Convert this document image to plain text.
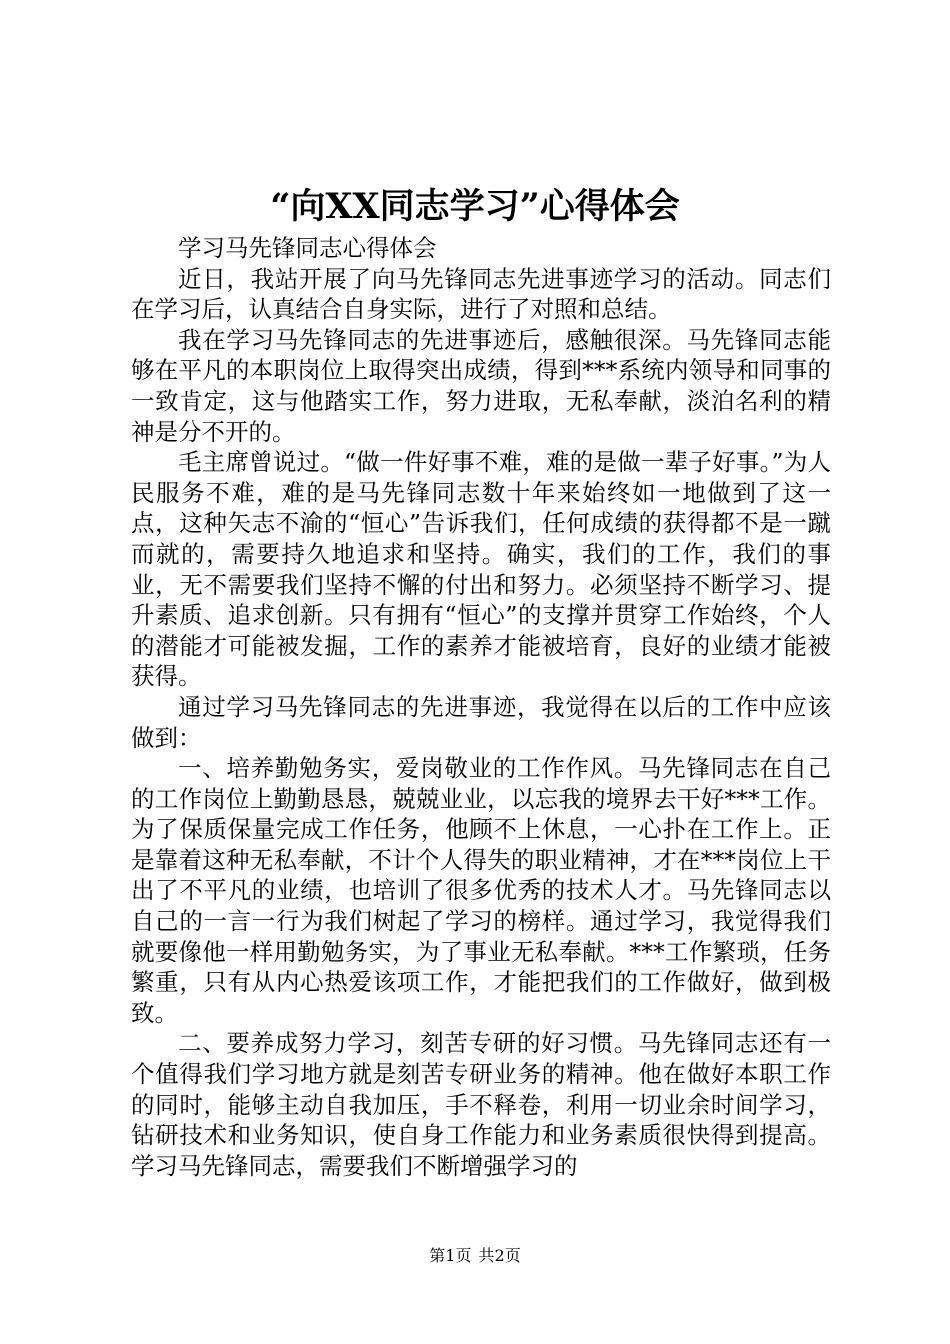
“向XX同志学习”心得体会

学习马先锋同志心得体会

近日，我站开展了向马先锋同志先进事迹学习的活动。同志们在学习后，认真结合自身实际，进行了对照和总结。

我在学习马先锋同志的先进事迹后，感触很深。马先锋同志能够在平凡的本职岗位上取得突出成绩，得到***系统内领导和同事的一致肯定，这与他踏实工作，努力进取，无私奉献，淡泊名利的精神是分不开的。

毛主席曾说过。“做一件好事不难，难的是做一辈子好事。”为人民服务不难，难的是马先锋同志数十年来始终如一地做到了这一点，这种矢志不渝的“恒心”告诉我们，任何成绩的获得都不是一蹴而就的，需要持久地追求和坚持。确实，我们的工作，我们的事业，无不需要我们坚持不懈的付出和努力。必须坚持不断学习、提升素质、追求创新。只有拥有“恒心”的支撑并贯穿工作始终，个人的潜能才可能被发掘，工作的素养才能被培育，良好的业绩才能被获得。

通过学习马先锋同志的先进事迹，我觉得在以后的工作中应该做到：

一、培养勤勉务实，爱岗敬业的工作作风。马先锋同志在自己的工作岗位上勤勤恳恳，兢兢业业，以忘我的境界去干好***工作。为了保质保量完成工作任务，他顾不上休息，一心扑在工作上。正是靠着这种无私奉献，不计个人得失的职业精神，才在***岗位上干出了不平凡的业绩，也培训了很多优秀的技术人才。马先锋同志以自己的一言一行为我们树起了学习的榜样。通过学习，我觉得我们就要像他一样用勤勉务实，为了事业无私奉献。***工作繁琐，任务繁重，只有从内心热爱该项工作，才能把我们的工作做好，做到极致。

二、要养成努力学习，刻苦专研的好习惯。马先锋同志还有一个值得我们学习地方就是刻苦专研业务的精神。他在做好本职工作的同时，能够主动自我加压，手不释卷，利用一切业余时间学习，钻研技术和业务知识，使自身工作能力和业务素质很快得到提高。学习马先锋同志，需要我们不断增强学习的

第1页 共2页
